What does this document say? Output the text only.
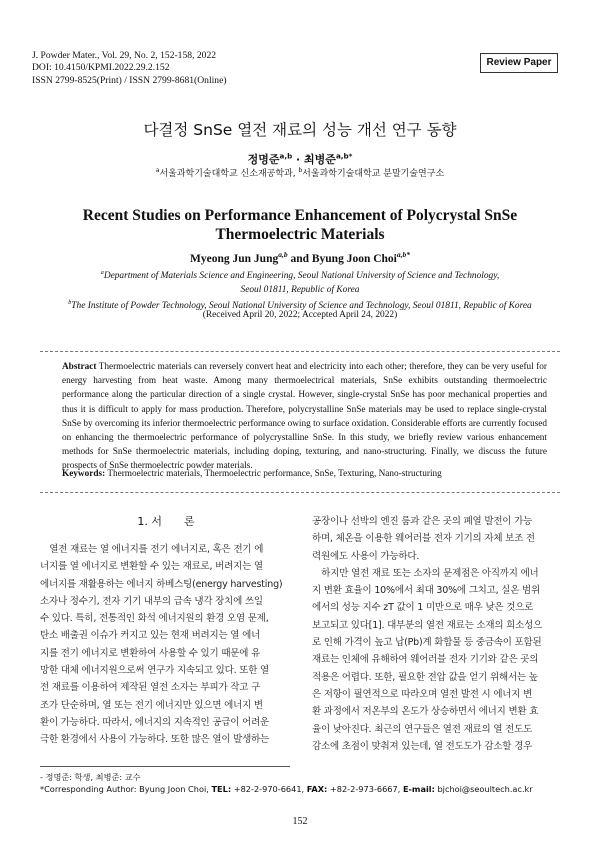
J. Powder Mater., Vol. 29, No. 2, 152-158, 2022
DOI: 10.4150/KPMI.2022.29.2.152
ISSN 2799-8525(Print) / ISSN 2799-8681(Online)
Review Paper
다결정 SnSe 열전 재료의 성능 개선 연구 동향
정명준$^{a,b}$ · 최병준$^{a,b*}$
$^a$서울과학기술대학교 신소재공학과, $^b$서울과학기술대학교 분말기술연구소
Recent Studies on Performance Enhancement of Polycrystal SnSe
Thermoelectric Materials
Myeong Jun Jung$^{a,b}$ and Byung Joon Choi$^{a,b*}$
$^a$Department of Materials Science and Engineering, Seoul National University of Science and Technology,
Seoul 01811, Republic of Korea
$^b$The Institute of Powder Technology, Seoul National University of Science and Technology, Seoul 01811, Republic of Korea
(Received April 20, 2022; Accepted April 24, 2022)
Abstract Thermoelectric materials can reversely convert heat and electricity into each other; therefore, they can be very useful for energy harvesting from heat waste. Among many thermoelectrical materials, SnSe exhibits outstanding thermoelectric performance along the particular direction of a single crystal. However, single-crystal SnSe has poor mechanical properties and thus it is difficult to apply for mass production. Therefore, polycrystalline SnSe materials may be used to replace single-crystal SnSe by overcoming its inferior thermoelectric performance owing to surface oxidation. Considerable efforts are currently focused on enhancing the thermoelectric performance of polycrystalline SnSe. In this study, we briefly review various enhancement methods for SnSe thermoelectric materials, including doping, texturing, and nano-structuring. Finally, we discuss the future prospects of SnSe thermoelectric powder materials.
Keywords: Thermoelectric materials, Thermoelectric performance, SnSe, Texturing, Nano-structuring
1. 서　　론
　열전 재료는 열 에너지를 전기 에너지로, 혹은 전기 에
너지를 열 에너지로 변환할 수 있는 재료로, 버려지는 열
에너지를 재활용하는 에너지 하베스팅(energy harvesting)
소자나 정수기, 전자 기기 내부의 급속 냉각 장치에 쓰일
수 있다. 특히, 전통적인 화석 에너지원의 환경 오염 문제,
탄소 배출권 이슈가 커지고 있는 현재 버려지는 열 에너
지를 전기 에너지로 변환하여 사용할 수 있기 때문에 유
망한 대체 에너지원으로써 연구가 지속되고 있다. 또한 열
전 재료를 이용하여 제작된 열전 소자는 부피가 작고 구
조가 단순하며, 열 또는 전기 에너지만 있으면 에너지 변
환이 가능하다. 따라서, 에너지의 지속적인 공급이 어려운
극한 환경에서 사용이 가능하다. 또한 많은 열이 발생하는
공장이나 선박의 엔진 룸과 같은 곳의 폐열 발전이 가능
하며, 체온을 이용한 웨어러블 전자 기기의 자체 보조 전
력원에도 사용이 가능하다.
　하지만 열전 재료 또는 소자의 문제점은 아직까지 에너
지 변환 효율이 10%에서 최대 30%에 그치고, 실온 범위
에서의 성능 지수 zT 값이 1 미만으로 매우 낮은 것으로
보고되고 있다[1]. 대부분의 열전 재료는 소재의 희소성으
로 인해 가격이 높고 납(Pb)계 화합물 등 중금속이 포함된
재료는 인체에 유해하여 웨어러블 전자 기기와 같은 곳의
적용은 어렵다. 또한, 필요한 전압 값을 얻기 위해서는 높
은 저항이 필연적으로 따라오며 열전 발전 시 에너지 변
환 과정에서 저온부의 온도가 상승하면서 에너지 변환 효
율이 낮아진다. 최근의 연구들은 열전 재료의 열 전도도
감소에 초점이 맞춰져 있는데, 열 전도도가 감소할 경우
- 정명준: 학생, 최병준: 교수
*Corresponding Author: Byung Joon Choi, TEL: +82-2-970-6641, FAX: +82-2-973-6667, E-mail: bjchoi@seoultech.ac.kr
152
